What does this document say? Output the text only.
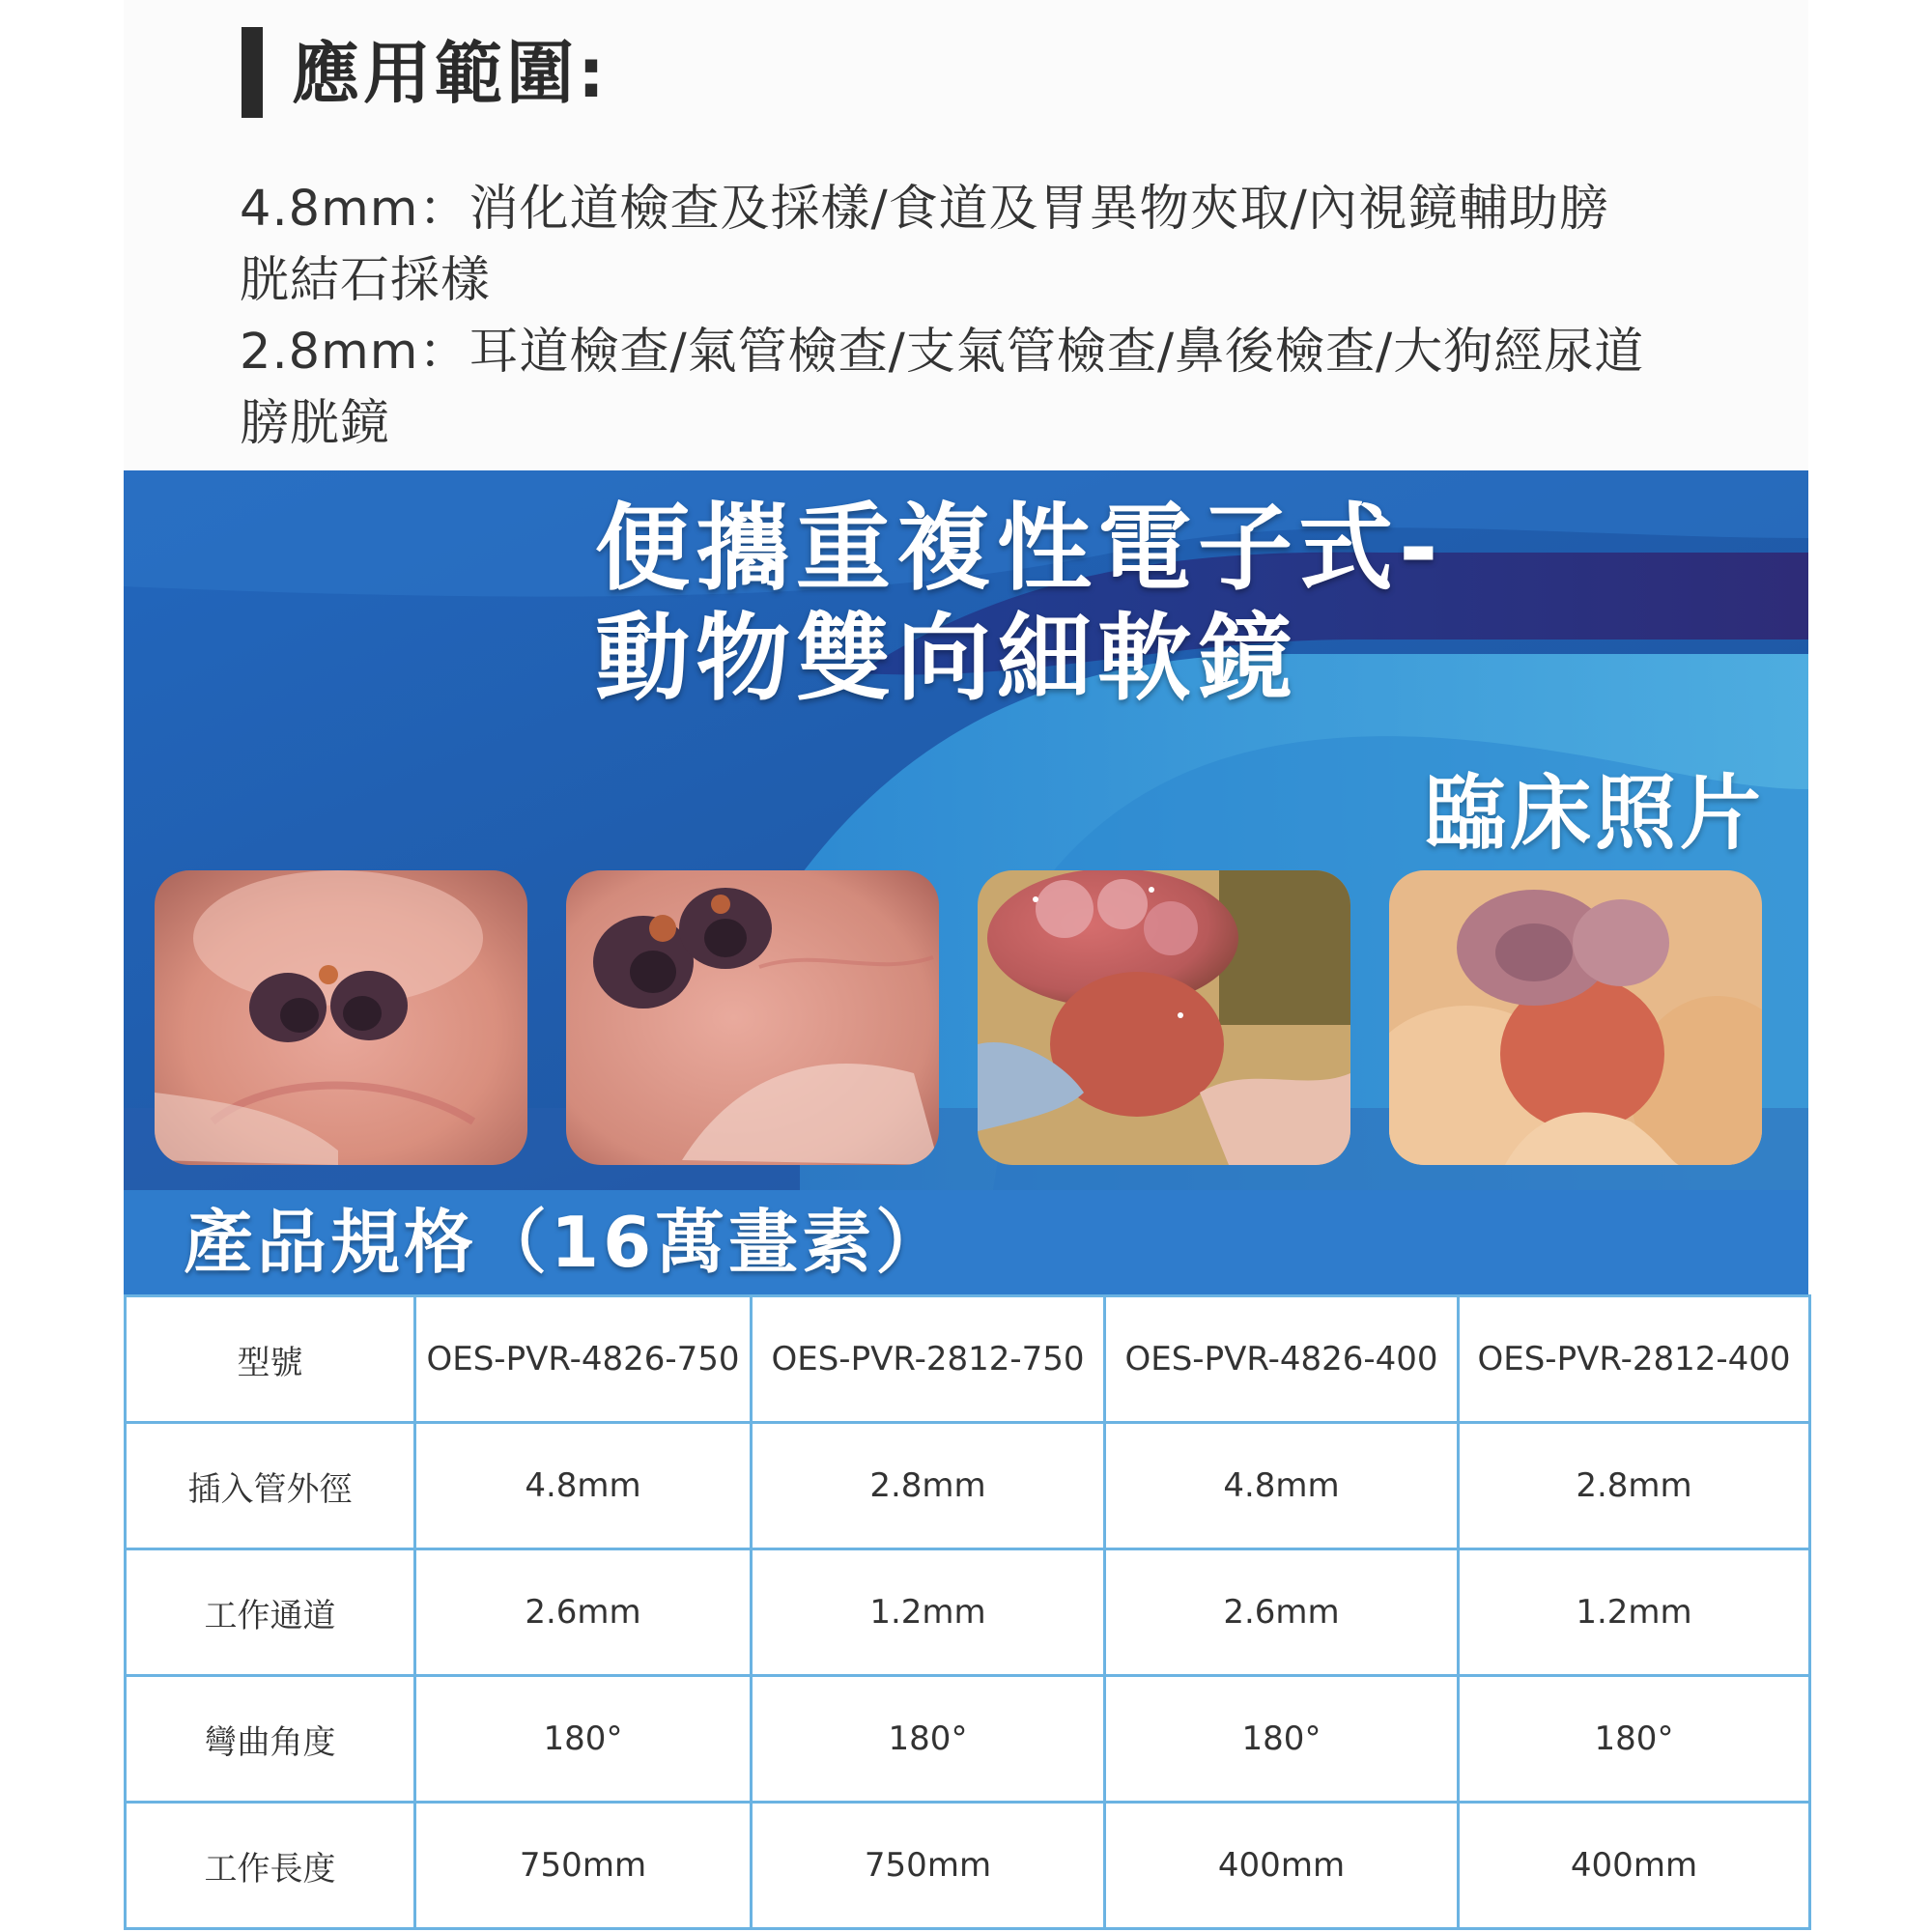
應用範圍:

4.8mm：消化道檢查及採樣/食道及胃異物夾取/內視鏡輔助膀

胱結石採樣

2.8mm：耳道檢查/氣管檢查/支氣管檢查/鼻後檢查/大狗經尿道

膀胱鏡

便攜重複性電子式-
動物雙向細軟鏡
臨床照片
產品規格（16萬畫素）
型號	OES-PVR-4826-750	OES-PVR-2812-750	OES-PVR-4826-400	OES-PVR-2812-400
插入管外徑	4.8mm	2.8mm	4.8mm	2.8mm
工作通道	2.6mm	1.2mm	2.6mm	1.2mm
彎曲角度	180°	180°	180°	180°
工作長度	750mm	750mm	400mm	400mm
